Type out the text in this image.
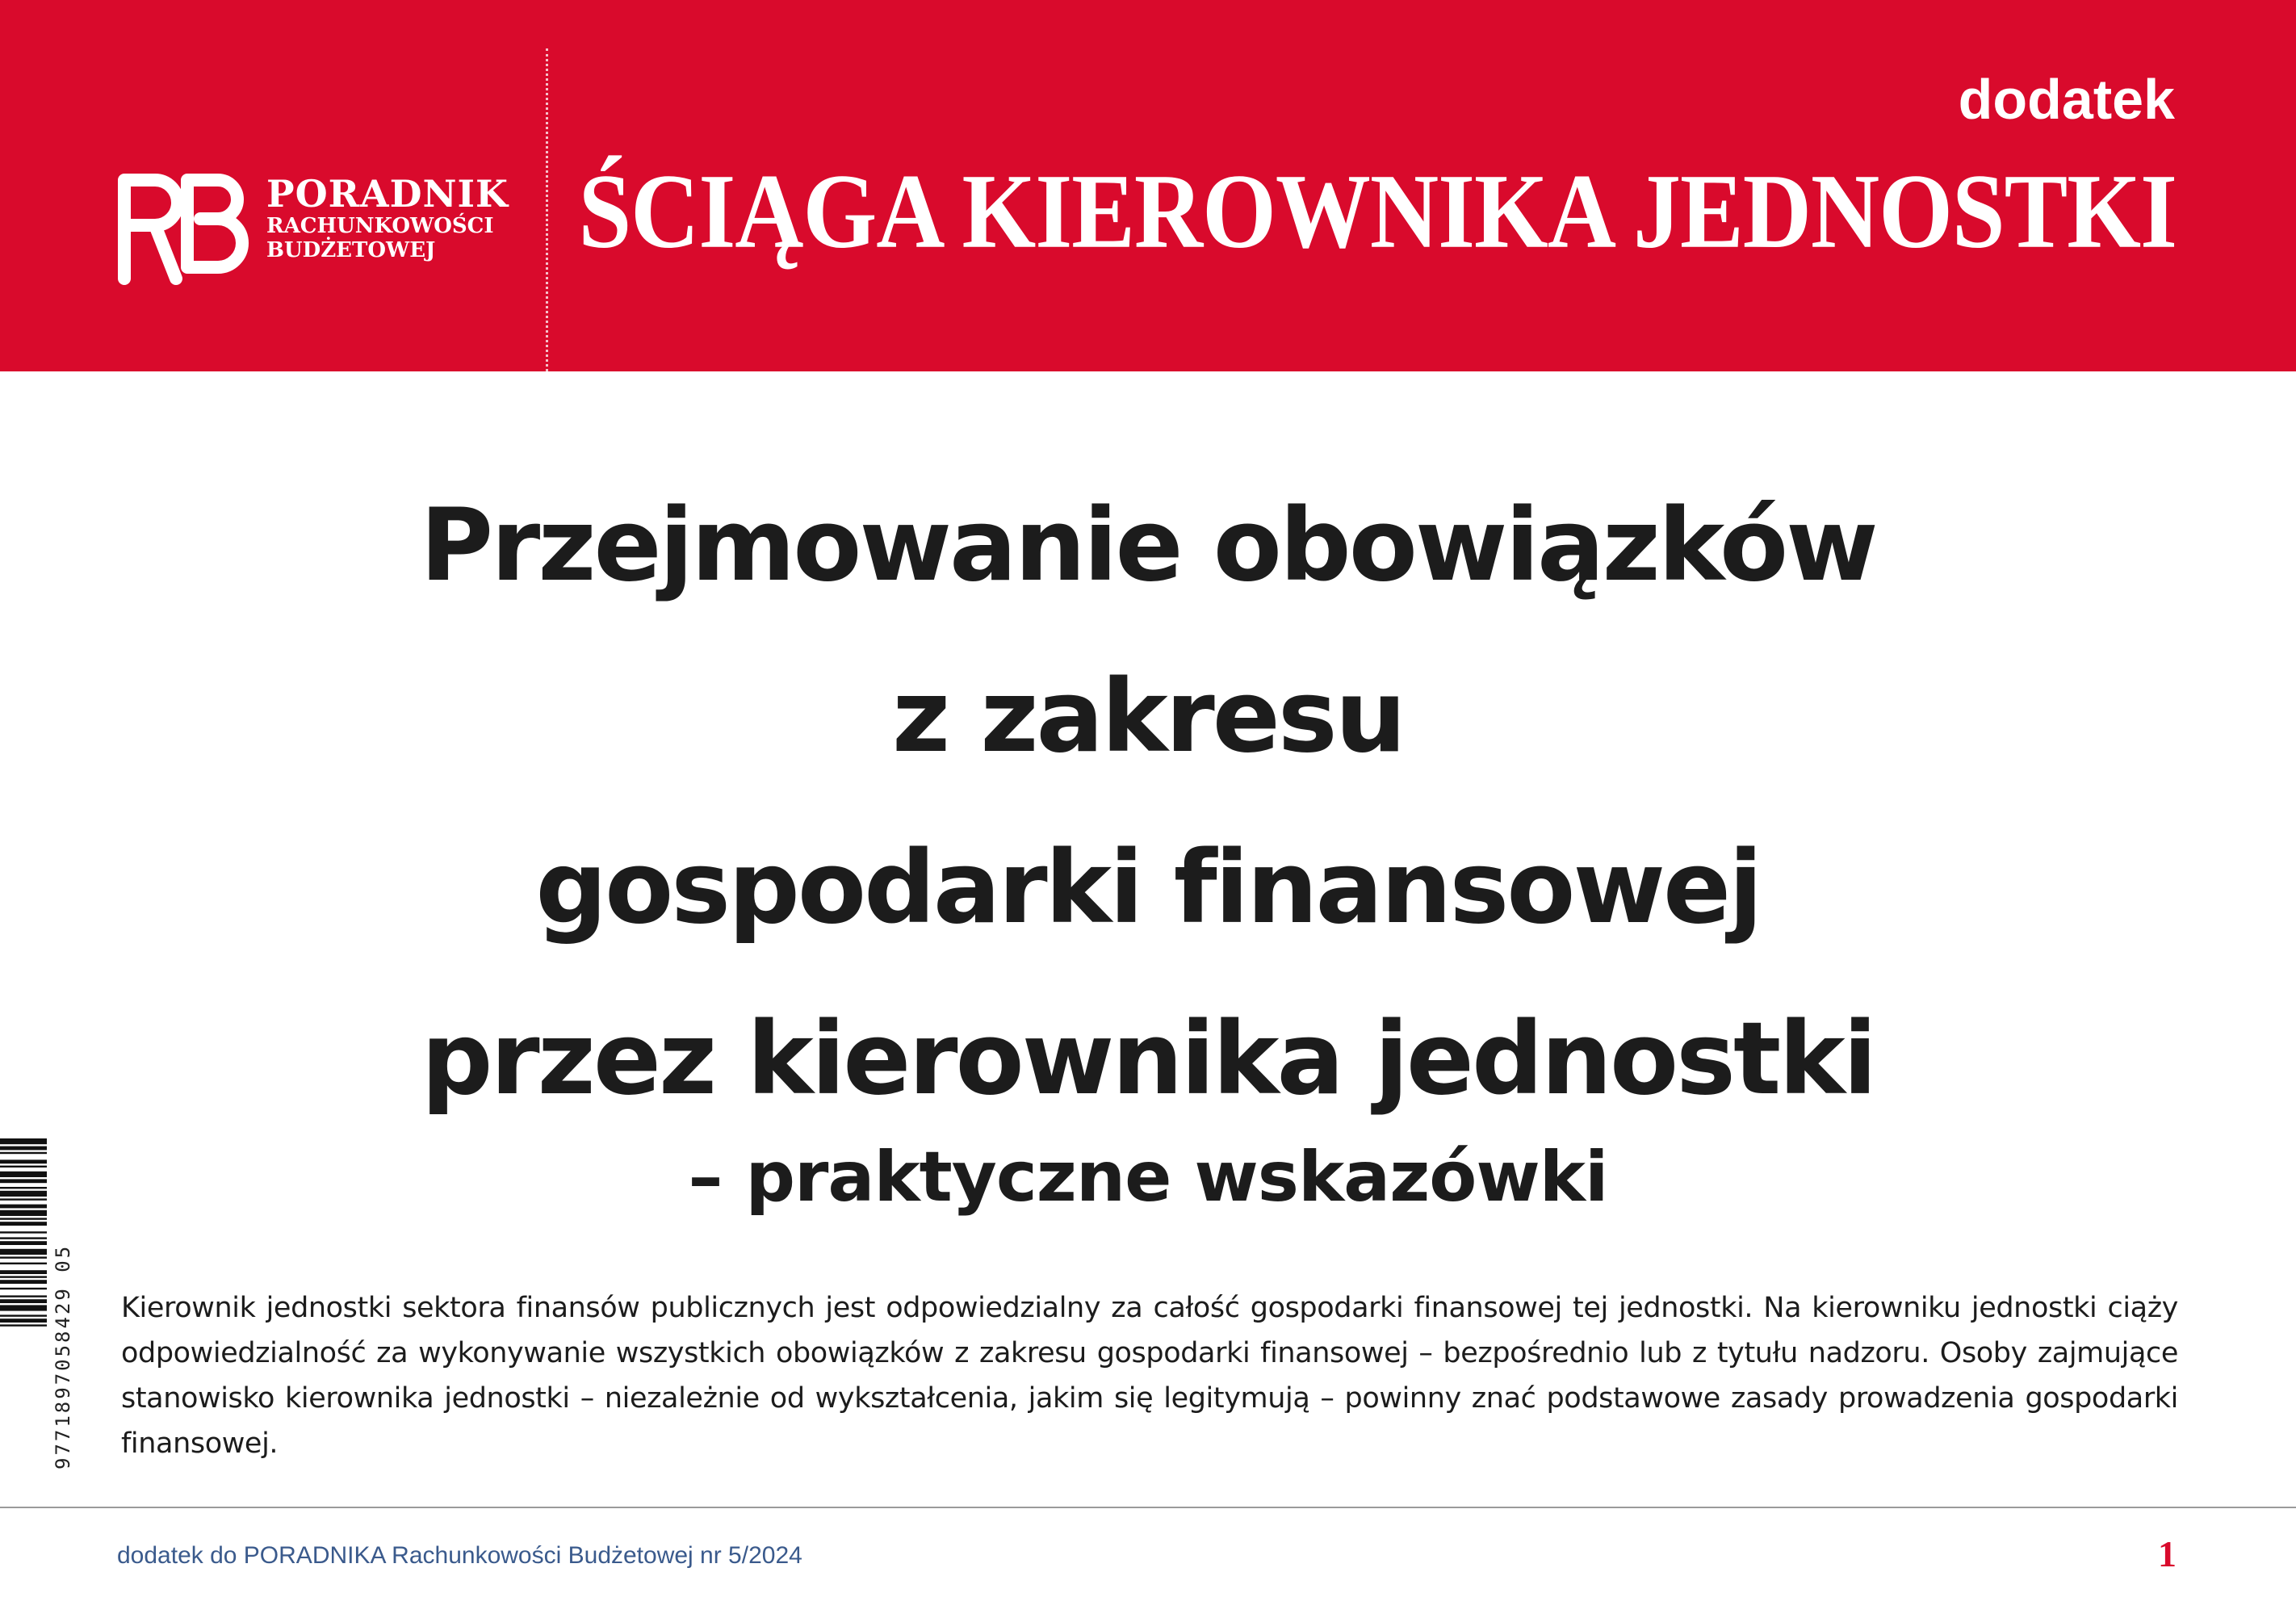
PORADNIK
RACHUNKOWOŚCI
BUDŻETOWEJ
dodatek
ŚCIĄGA KIEROWNIKA JEDNOSTKI
Przejmowanie obowiązków
z zakresu
gospodarki finansowej
przez kierownika jednostki
– praktyczne wskazówki
9771897058429 05
Kierownik jednostki sektora finansów publicznych jest odpowiedzialny za całość gospodarki finansowej tej jednostki. Na kierowniku jednostki ciąży odpowiedzialność za wykonywanie wszystkich obowiązków z zakresu gospodarki finansowej – bezpośrednio lub z tytułu nadzoru. Osoby zajmujące stanowisko kierownika jednostki – niezależnie od wykształcenia, jakim się legitymują – powinny znać podstawowe zasady prowadzenia gospodarki finansowej.
dodatek do PORADNIKA Rachunkowości Budżetowej nr 5/2024	1
